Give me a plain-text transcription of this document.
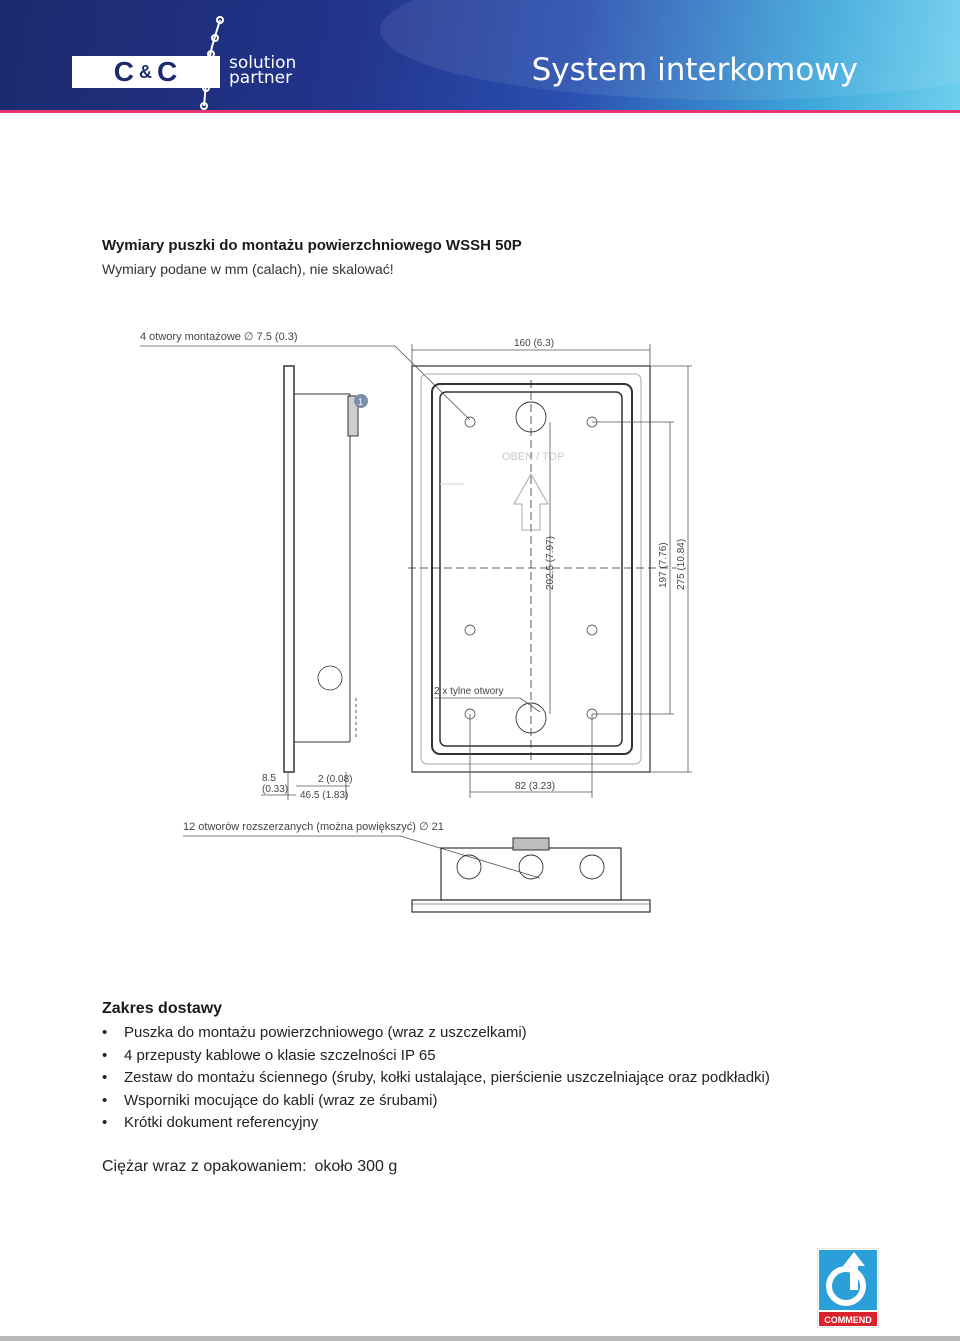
C & C	solution
partner	System interkomowy
Wymiary puszki do montażu powierzchniowego WSSH 50P
Wymiary podane w mm (calach), nie skalować!
4 otwory montażowe ∅ 7.5 (0.3)
1
8.5
(0.33)
2 (0.08)
46.5 (1.83)
OBEN / TOP
160 (6.3)
202.5 (7.97)	197 (7.76) 275 (10.84)
82 (3.23)
2 x tylne otwory
12 otworów rozszerzanych (można powiększyć) ∅ 21
Zakres dostawy
• Puszka do montażu powierzchniowego (wraz z uszczelkami)
• 4 przepusty kablowe o klasie szczelności IP 65
• Zestaw do montażu ściennego (śruby, kołki ustalające, pierścienie uszczelniające oraz podkładki)
• Wsporniki mocujące do kabli (wraz ze śrubami)
• Krótki dokument referencyjny
Ciężar wraz z opakowaniem: około 300 g
COMMEND
